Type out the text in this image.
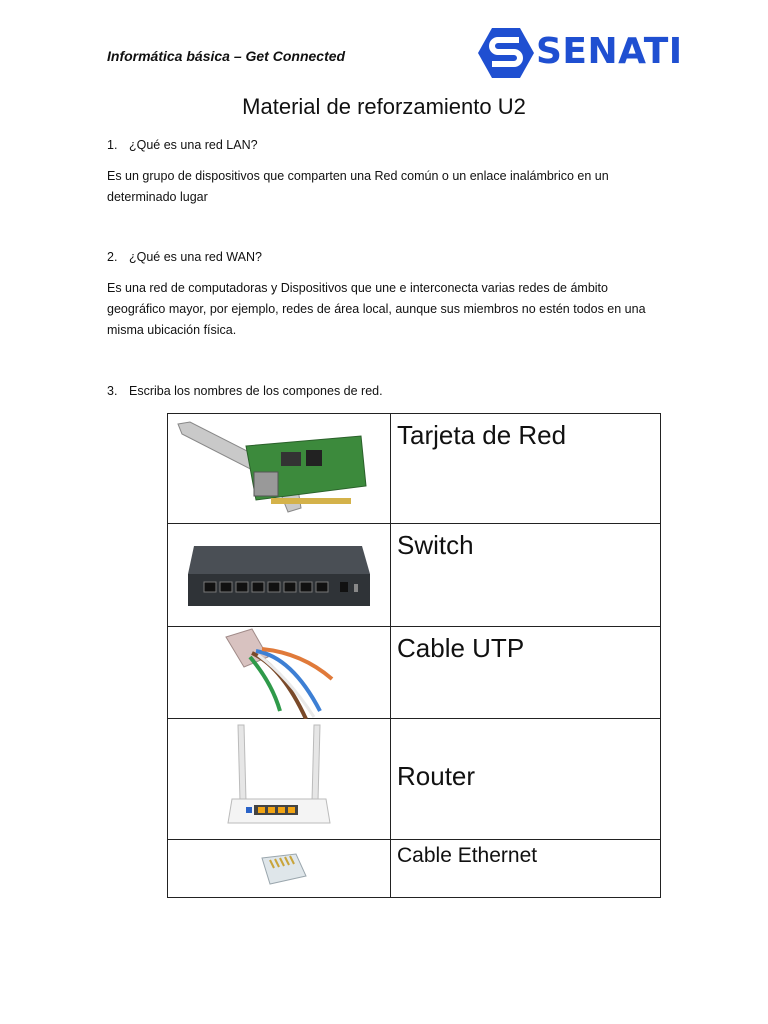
Informática básica – Get Connected	SENATI
Material de reforzamiento U2
1. ¿Qué es una red LAN?
Es un grupo de dispositivos que comparten una Red común o un enlace inalámbrico en un determinado lugar
2. ¿Qué es una red WAN?
Es una red de computadoras y Dispositivos que une e interconecta varias redes de ámbito geográfico mayor, por ejemplo, redes de área local, aunque sus miembros no estén todos en una misma ubicación física.
3. Escriba los nombres de los compones de red.

Tarjeta de Red

Switch

Cable UTP

Router

Cable Ethernet
